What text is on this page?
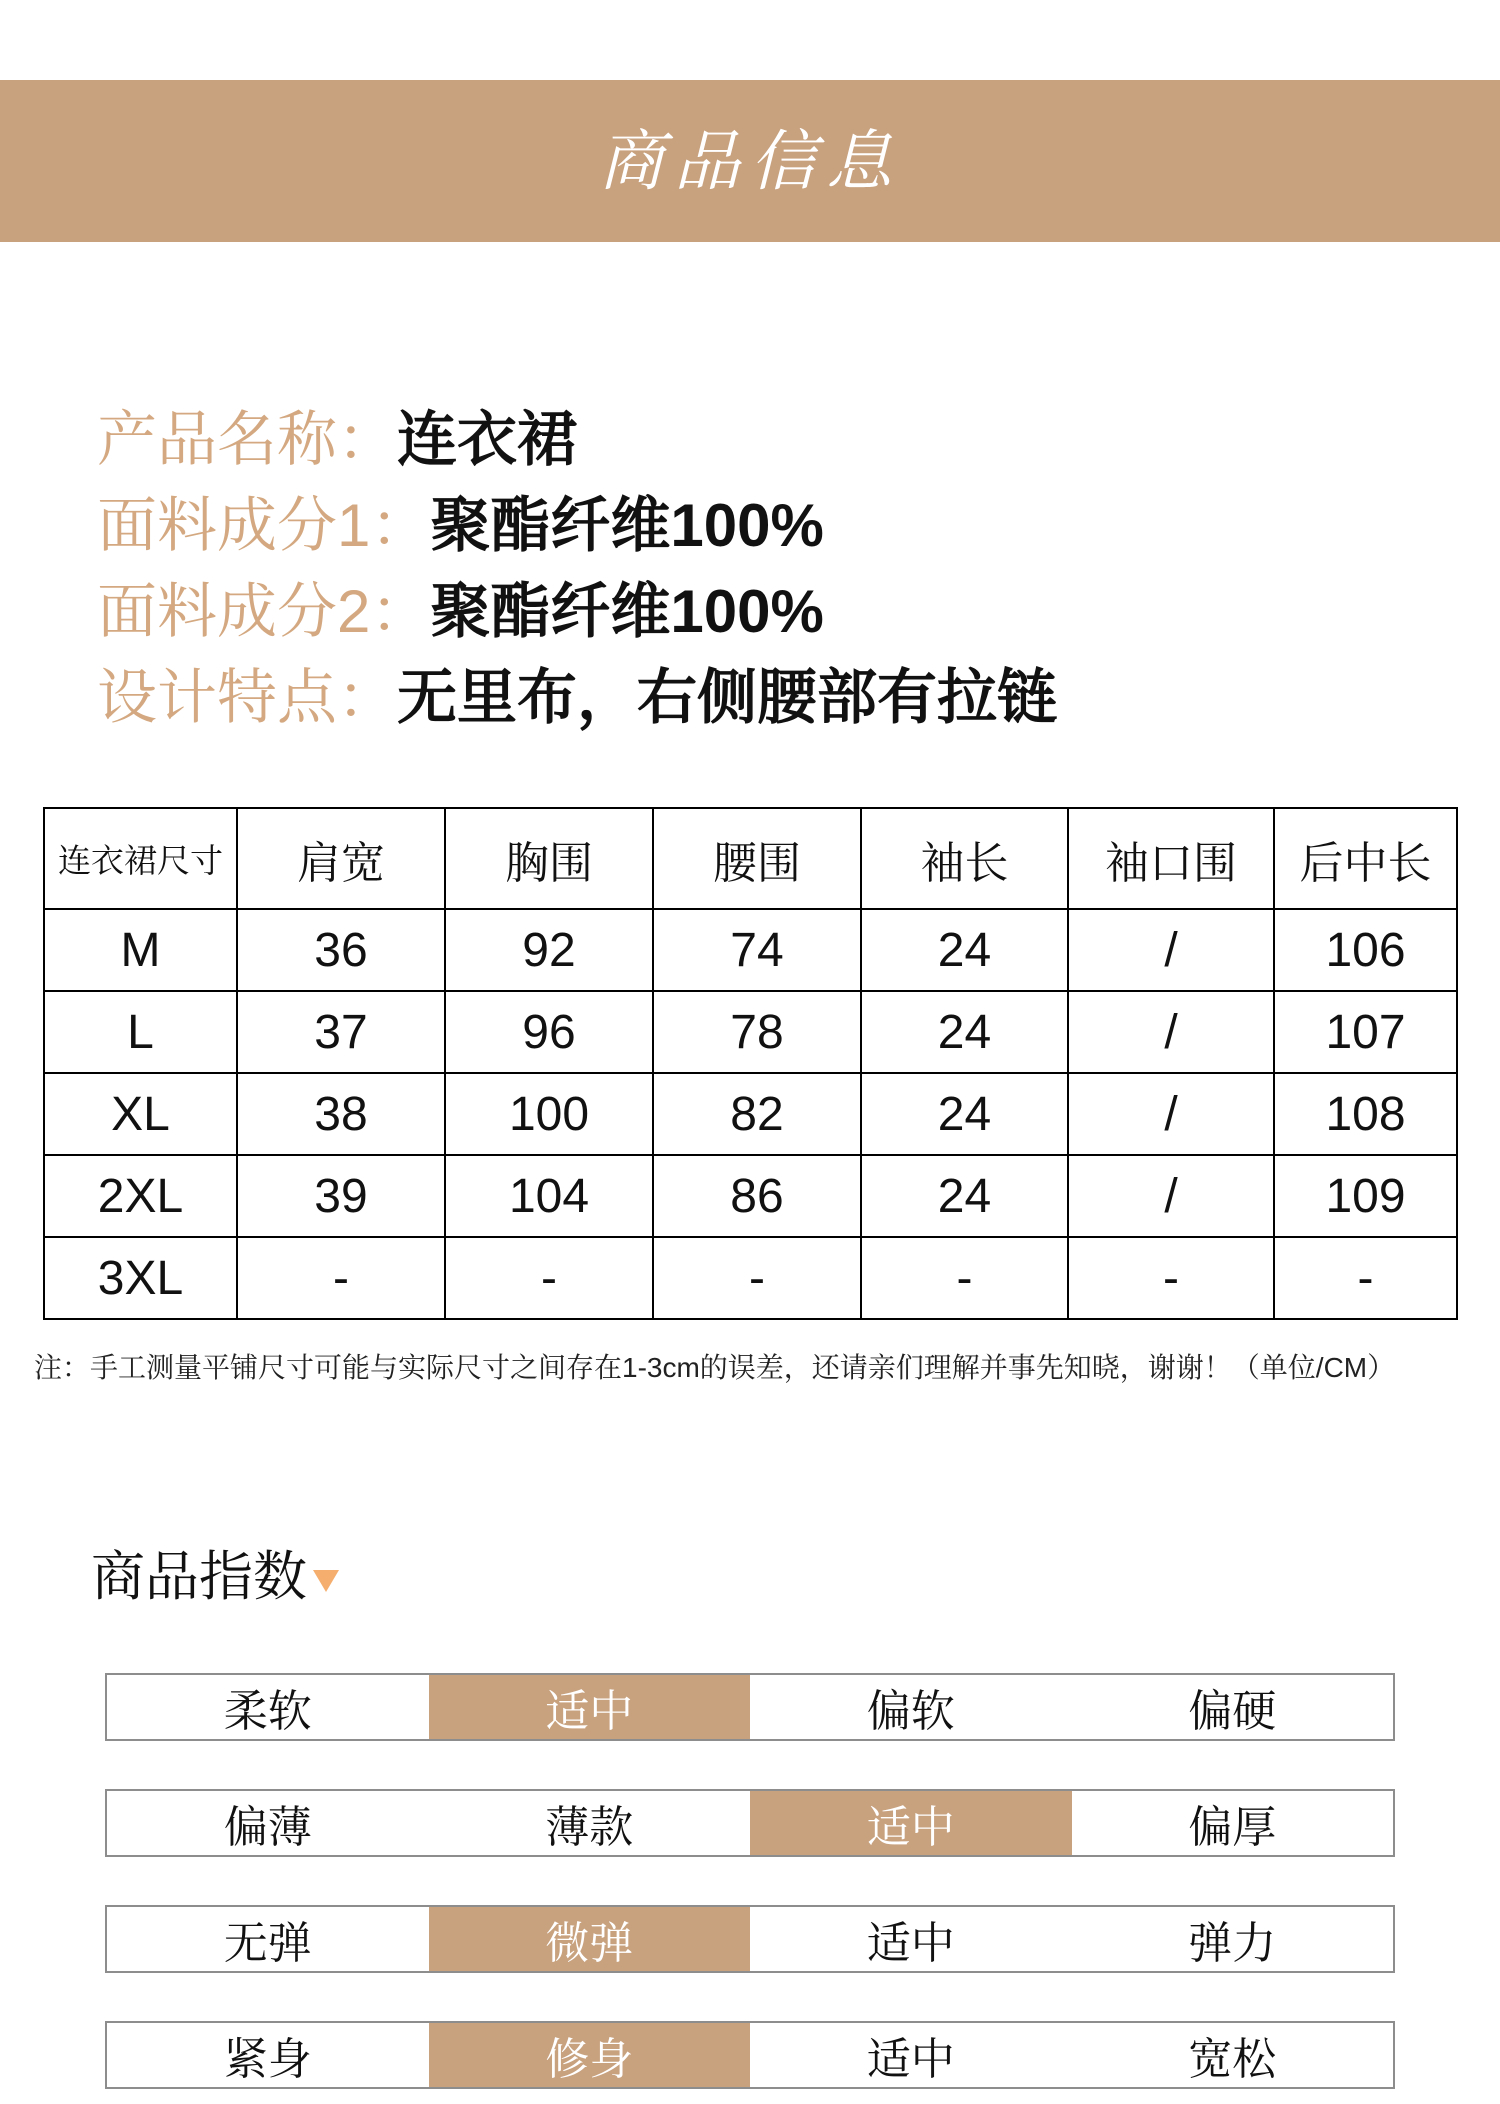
商品信息
产品名称：连衣裙
面料成分1：聚酯纤维100%
面料成分2：聚酯纤维100%
设计特点：无里布，右侧腰部有拉链
连衣裙尺寸	肩宽	胸围	腰围	袖长	袖口围	后中长
M	36	92	74	24	/	106
L	37	96	78	24	/	107
XL	38	100	82	24	/	108
2XL	39	104	86	24	/	109
3XL	-	-	-	-	-	-
注：手工测量平铺尺寸可能与实际尺寸之间存在1-3cm的误差，还请亲们理解并事先知晓，谢谢！（单位/CM）
商品指数
柔软	适中	偏软	偏硬
偏薄	薄款	适中	偏厚
无弹	微弹	适中	弹力
紧身	修身	适中	宽松
